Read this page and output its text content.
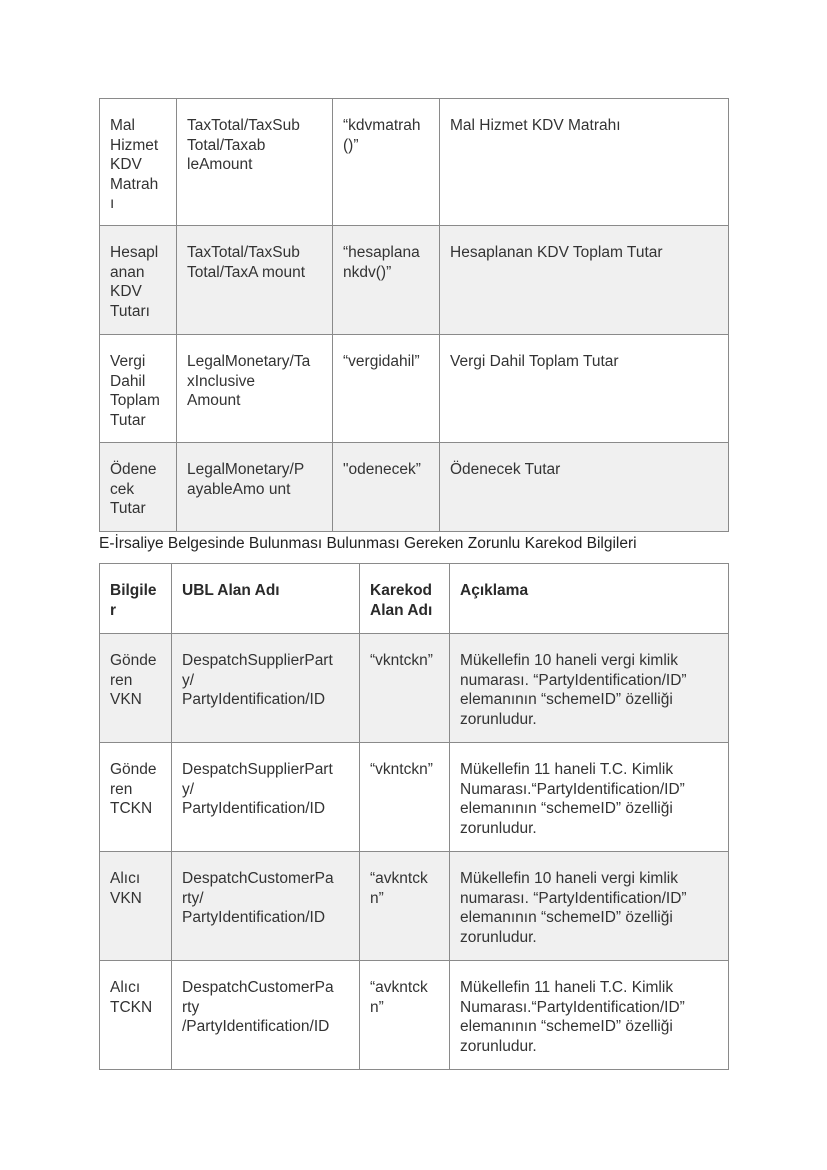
Mal
Hizmet
KDV
Matrah
ı	TaxTotal/TaxSub
Total/Taxab
leAmount	“kdvmatrah
()”	Mal Hizmet KDV Matrahı

Hesapl
anan
KDV
Tutarı	TaxTotal/TaxSub
Total/TaxA mount	“hesaplana
nkdv()”	Hesaplanan KDV Toplam Tutar

Vergi
Dahil
Toplam
Tutar	LegalMonetary/Ta
xInclusive
Amount	“vergidahil”	Vergi Dahil Toplam Tutar

Ödene
cek
Tutar	LegalMonetary/P
ayableAmo unt	"odenecek”	Ödenecek Tutar
E-İrsaliye Belgesinde Bulunması Bulunması Gereken Zorunlu Karekod Bilgileri
Bilgile
r	UBL Alan Adı	Karekod
Alan Adı	Açıklama

Gönde
ren
VKN	DespatchSupplierPart
y/
PartyIdentification/ID	“vkntckn”	Mükellefin 10 haneli vergi kimlik
numarası. “PartyIdentification/ID”
elemanının “schemeID” özelliği
zorunludur.

Gönde
ren
TCKN	DespatchSupplierPart
y/
PartyIdentification/ID	“vkntckn”	Mükellefin 11 haneli T.C. Kimlik
Numarası.“PartyIdentification/ID”
elemanının “schemeID” özelliği
zorunludur.

Alıcı
VKN	DespatchCustomerPa
rty/
PartyIdentification/ID	“avkntck
n”	Mükellefin 10 haneli vergi kimlik
numarası. “PartyIdentification/ID”
elemanının “schemeID” özelliği
zorunludur.

Alıcı
TCKN	DespatchCustomerPa
rty
/PartyIdentification/ID	“avkntck
n”	Mükellefin 11 haneli T.C. Kimlik
Numarası.“PartyIdentification/ID”
elemanının “schemeID” özelliği
zorunludur.
